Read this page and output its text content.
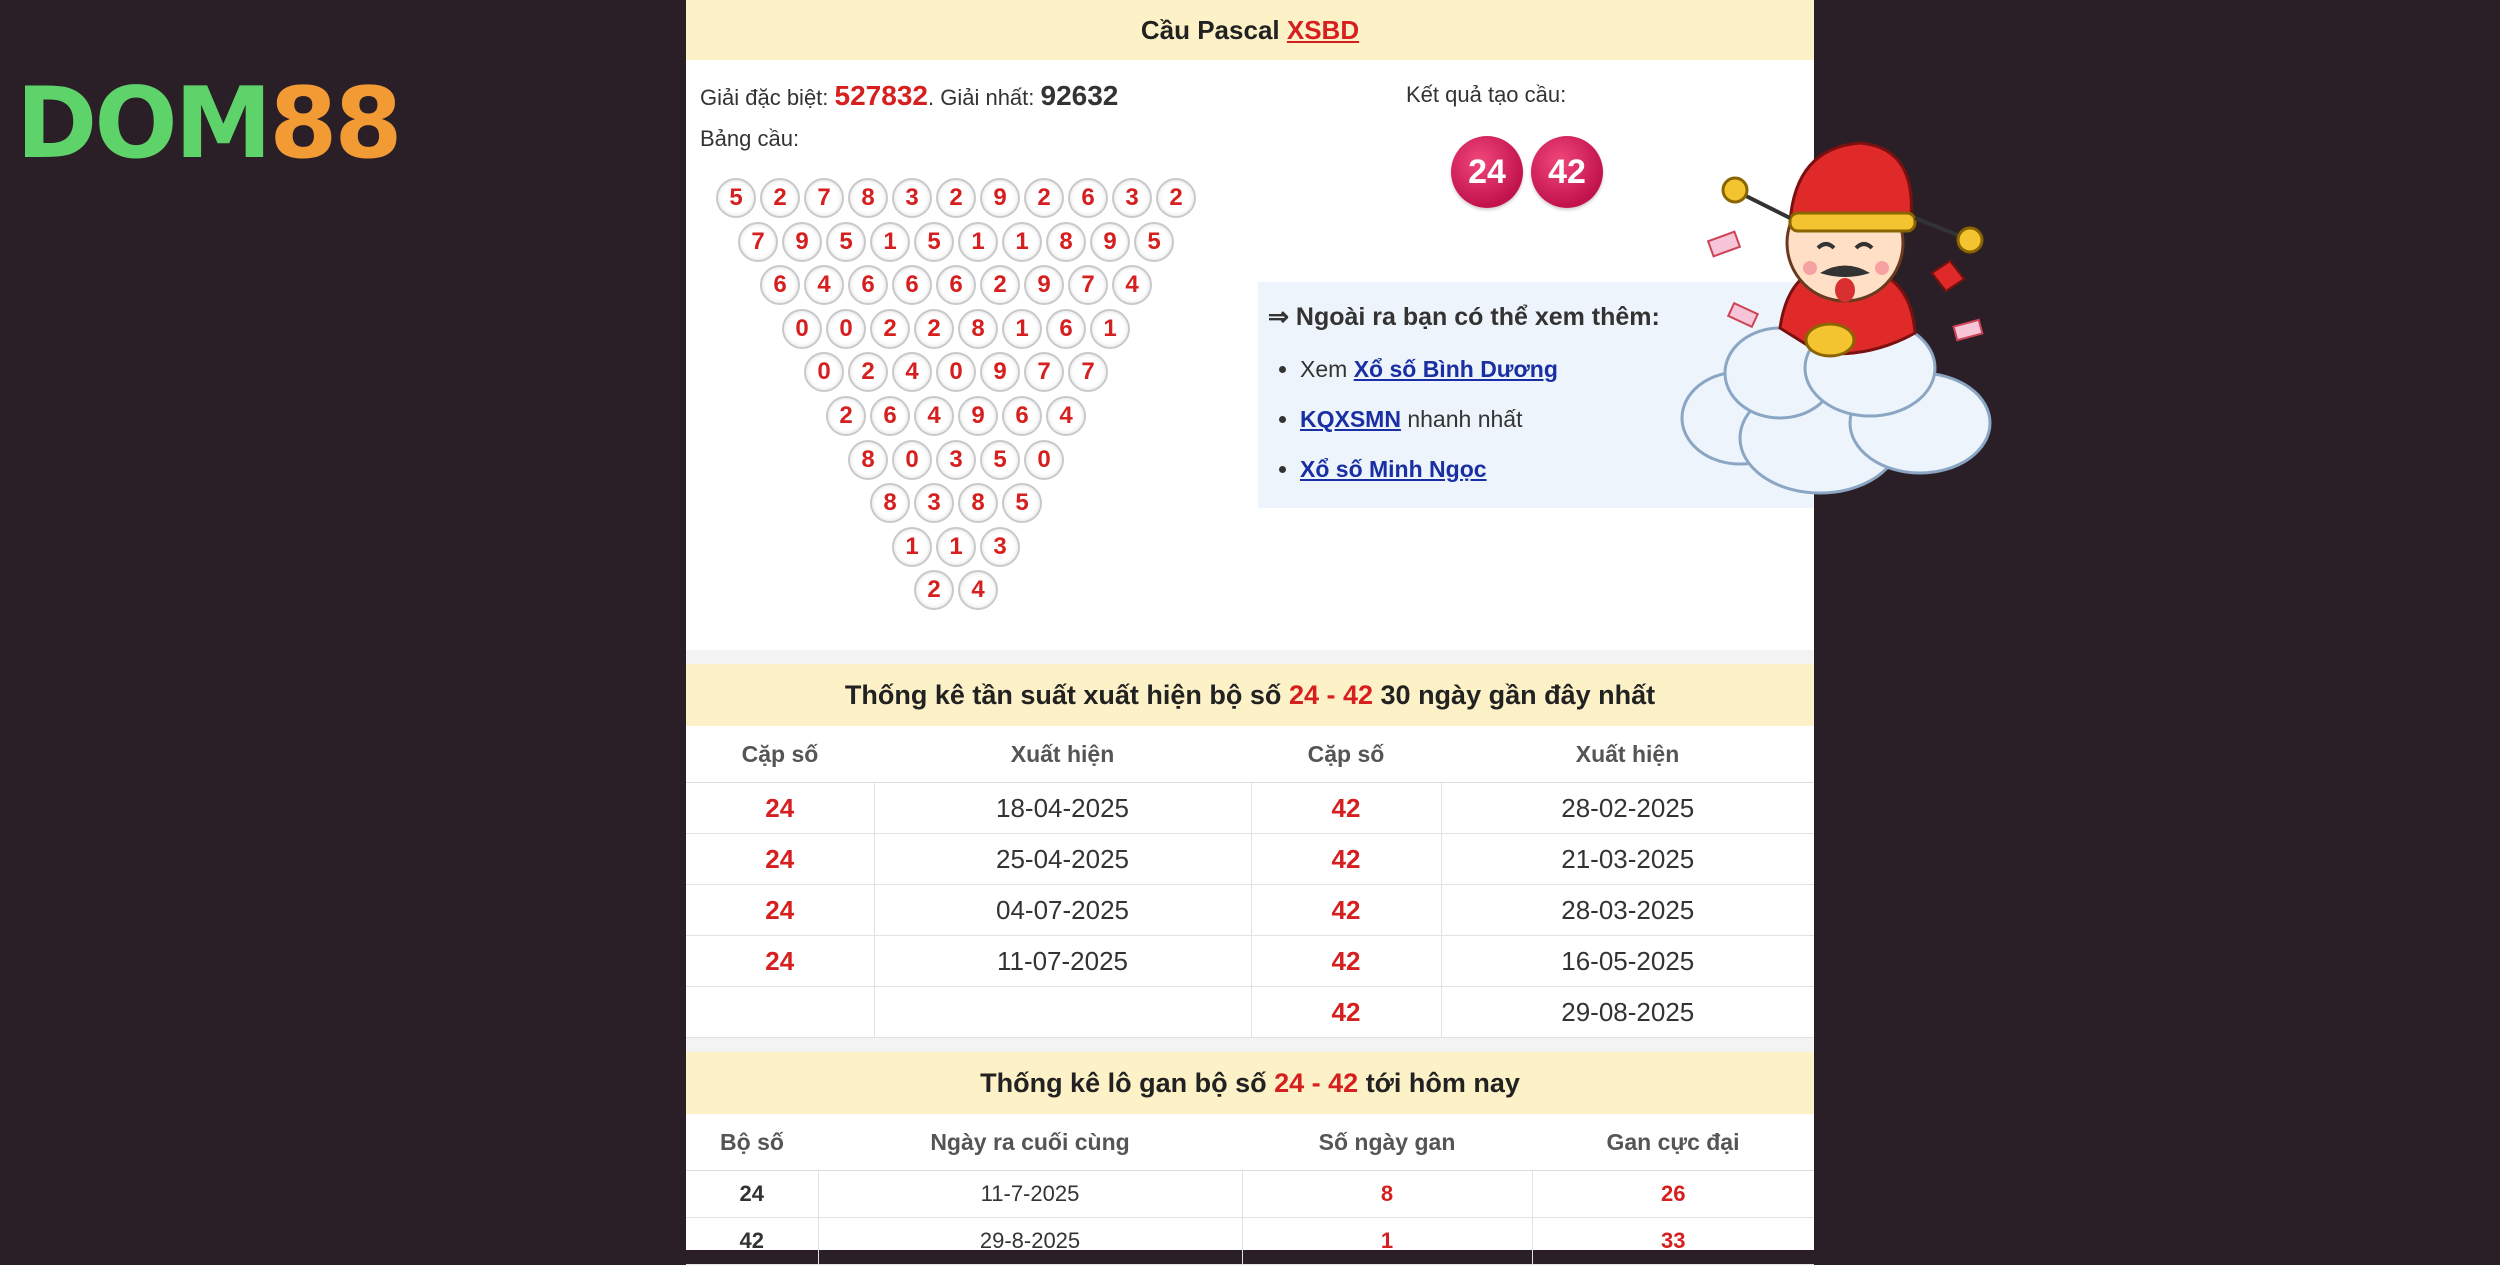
DOM 88
Cầu Pascal XSBD
Giải đặc biệt: 527832. Giải nhất: 92632
Bảng cầu:
5	2	7	8	3	2	9	2	6	3	2
7	9	5	1	5	1	1	8	9	5
6	4	6	6	6	2	9	7	4
0	0	2	2	8	1	6	1
0	2	4	0	9	7	7
2	6	4	9	6	4
8	0	3	5	0
8	3	8	5
1	1	3
2	4
Kết quả tạo cầu:
24	42
⇒ Ngoài ra bạn có thể xem thêm:
• Xem Xổ số Bình Dương
• KQXSMN nhanh nhất
• Xổ số Minh Ngọc
Thống kê tần suất xuất hiện bộ số 24 - 42 30 ngày gần đây nhất
Cặp số	Xuất hiện	Cặp số	Xuất hiện
24	18-04-2025	42	28-02-2025
24	25-04-2025	42	21-03-2025
24	04-07-2025	42	28-03-2025
24	11-07-2025	42	16-05-2025
		42	29-08-2025
Thống kê lô gan bộ số 24 - 42 tới hôm nay
Bộ số	Ngày ra cuối cùng	Số ngày gan	Gan cực đại
24	11-7-2025	8	26
42	29-8-2025	1	33
